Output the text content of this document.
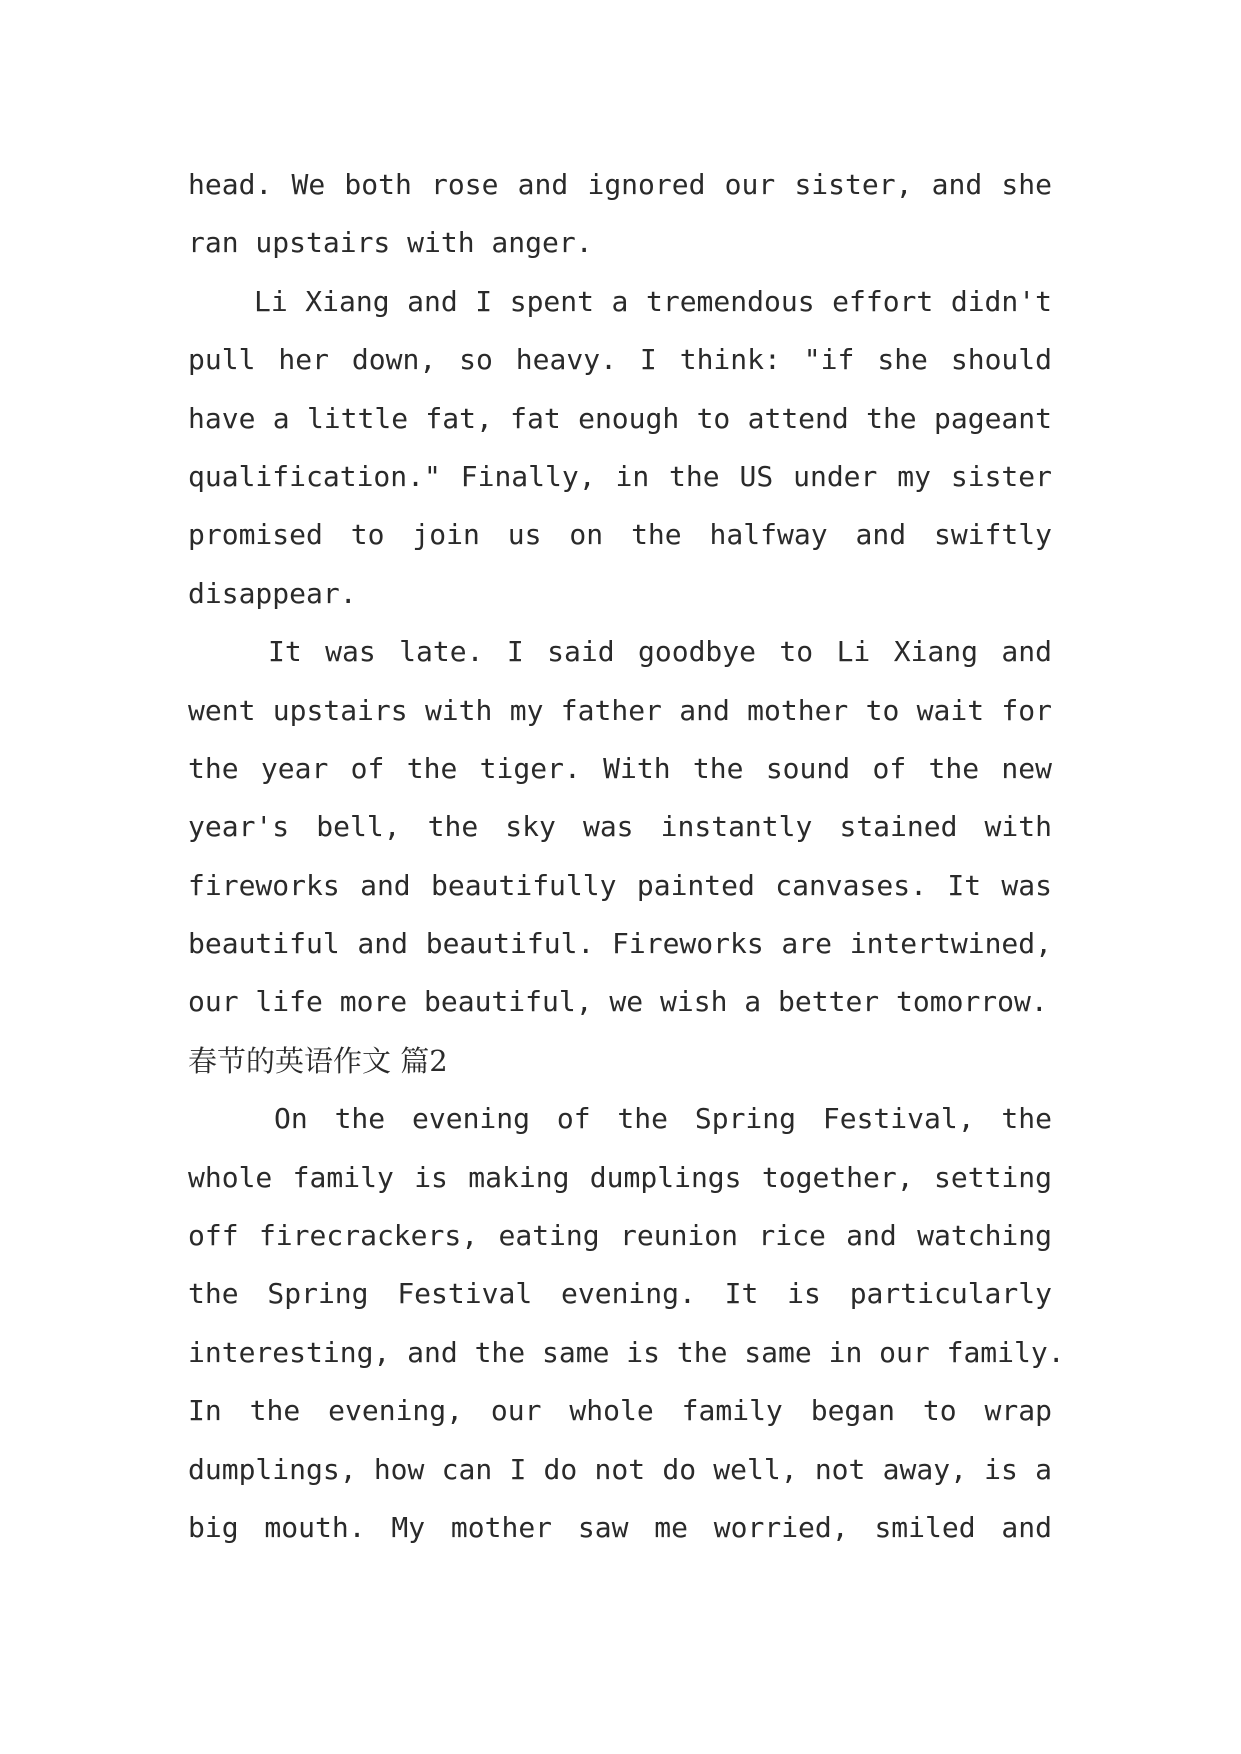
head. We both rose and ignored our sister, and she
ran upstairs with anger.
Li Xiang and I spent a tremendous effort didn't
pull her down, so heavy. I think: "if she should
have a little fat, fat enough to attend the pageant
qualification." Finally, in the US under my sister
promised to join us on the halfway and swiftly
disappear.
It was late. I said goodbye to Li Xiang and
went upstairs with my father and mother to wait for
the year of the tiger. With the sound of the new
year's bell, the sky was instantly stained with
fireworks and beautifully painted canvases. It was
beautiful and beautiful. Fireworks are intertwined,
our life more beautiful, we wish a better tomorrow.
春节的英语作文 篇2
On the evening of the Spring Festival, the
whole family is making dumplings together, setting
off firecrackers, eating reunion rice and watching
the Spring Festival evening. It is particularly
interesting, and the same is the same in our family.
In the evening, our whole family began to wrap
dumplings, how can I do not do well, not away, is a
big mouth. My mother saw me worried, smiled and
